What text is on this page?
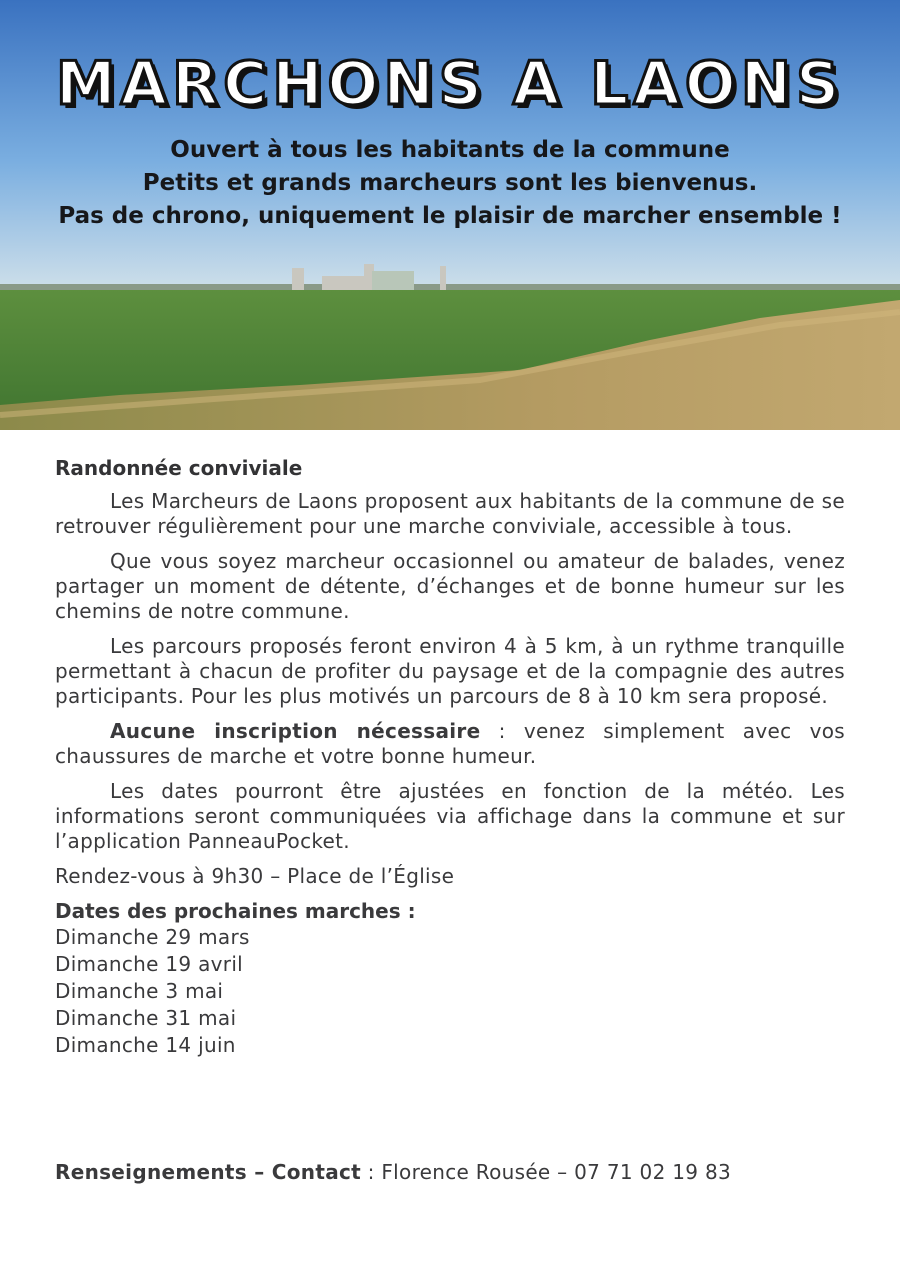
MARCHONS A LAONS
Ouvert à tous les habitants de la commune
Petits et grands marcheurs sont les bienvenus.
Pas de chrono, uniquement le plaisir de marcher ensemble !

Randonnée conviviale

Les Marcheurs de Laons proposent aux habitants de la commune de se retrouver régulièrement pour une marche conviviale, accessible à tous.

Que vous soyez marcheur occasionnel ou amateur de balades, venez partager un moment de détente, d’échanges et de bonne humeur sur les chemins de notre commune.

Les parcours proposés feront environ 4 à 5 km, à un rythme tranquille permettant à chacun de profiter du paysage et de la compagnie des autres participants. Pour les plus motivés un parcours de 8 à 10 km sera proposé.

Aucune inscription nécessaire : venez simplement avec vos chaussures de marche et votre bonne humeur.

Les dates pourront être ajustées en fonction de la météo. Les informations seront communiquées via affichage dans la commune et sur l’application PanneauPocket.

Rendez-vous à 9h30 – Place de l’Église

Dates des prochaines marches :

Dimanche 29 mars
Dimanche 19 avril
Dimanche 3 mai
Dimanche 31 mai
Dimanche 14 juin
Renseignements – Contact : Florence Rousée – 07 71 02 19 83
